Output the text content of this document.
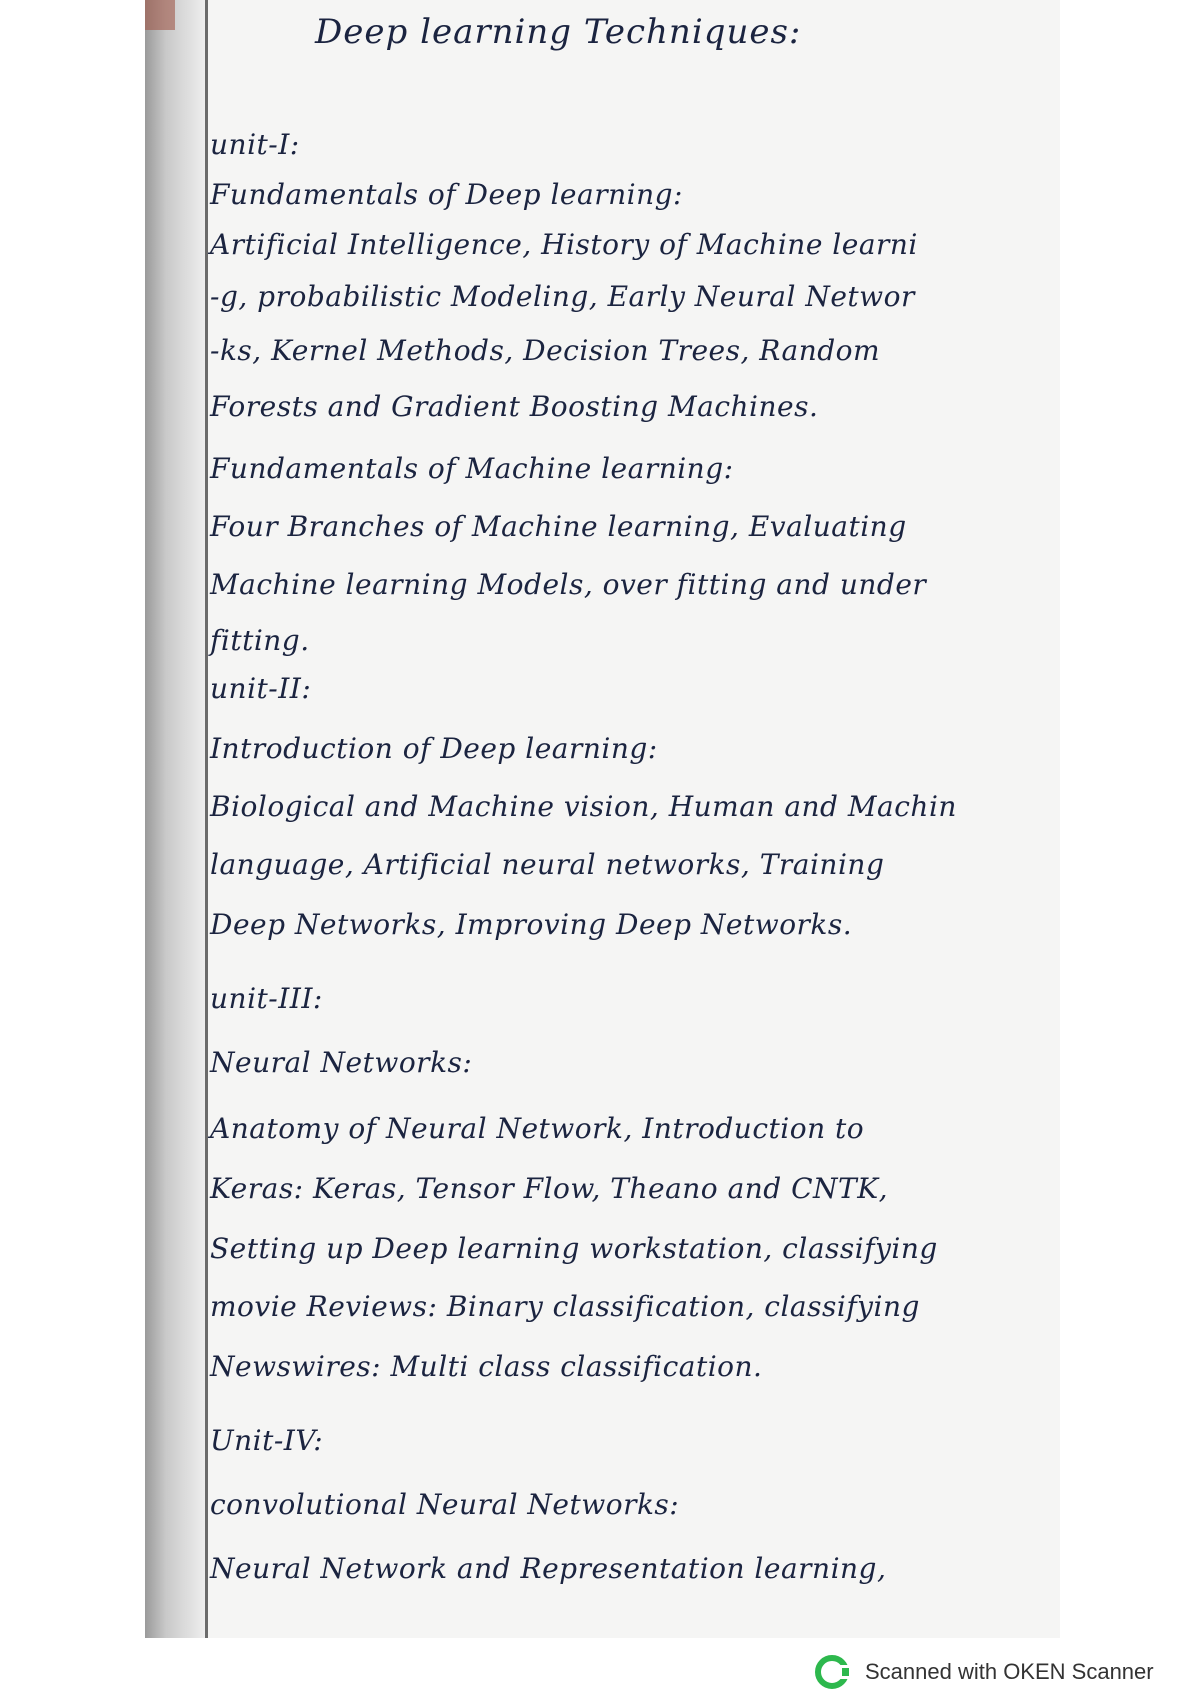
Deep learning Techniques:
unit-I:
Fundamentals of Deep learning:
Artificial Intelligence, History of Machine learni
-g, probabilistic Modeling, Early Neural Networ
-ks, Kernel Methods, Decision Trees, Random
Forests and Gradient Boosting Machines.
Fundamentals of Machine learning:
Four Branches of Machine learning, Evaluating
Machine learning Models, over fitting and under
fitting.
unit-II:
Introduction of Deep learning:
Biological and Machine vision, Human and Machin
language, Artificial neural networks, Training
Deep Networks, Improving Deep Networks.
unit-III:
Neural Networks:
Anatomy of Neural Network, Introduction to
Keras: Keras, Tensor Flow, Theano and CNTK,
Setting up Deep learning workstation, classifying
movie Reviews: Binary classification, classifying
Newswires: Multi class classification.
Unit-IV:
convolutional Neural Networks:
Neural Network and Representation learning,
Scanned with OKEN Scanner
